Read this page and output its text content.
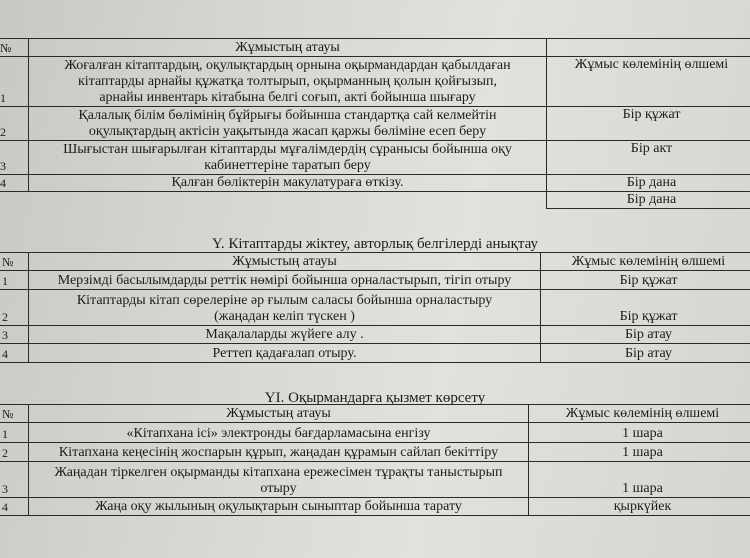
№	Жұмыстың атауы	
1	Жоғалған кітаптардың, оқулықтардың орнына оқырмандардан қабылдаған
кітаптарды арнайы құжатқа толтырып, оқырманның қолын қойғызып,
арнайы инвентарь кітабына белгі соғып, акті бойынша шығару	Жұмыс көлемінің өлшемі
2	Қалалық білім бөлімінің бұйрығы бойынша стандартқа сай келмейтін
оқулықтардың актісін уақытында жасап қаржы бөліміне есеп беру	Бір құжат
3	Шығыстан шығарылған кітаптарды мұғалімдердің сұранысы бойынша оқу
кабинеттеріне таратып беру	Бір акт
4	Қалған бөліктерін макулатураға өткізу.	Бір дана
		Бір дана
Y. Кітаптарды жіктеу, авторлық белгілерді анықтау
№	Жұмыстың атауы	Жұмыс көлемінің өлшемі
1	Мерзімді басылымдарды реттік нөмірі бойынша орналастырып, тігіп отыру	Бір құжат
2	Кітаптарды кітап сөрелеріне әр ғылым саласы бойынша орналастыру
(жаңадан келіп түскен )	Бір құжат
3	Мақалаларды жүйеге алу .	Бір атау
4	Реттеп қадағалап отыру.	Бір атау
YI. Оқырмандарға қызмет көрсету
№	Жұмыстың атауы	Жұмыс көлемінің өлшемі
1	«Кітапхана ісі» электронды бағдарламасына енгізу	1 шара
2	Кітапхана кеңесінің жоспарын құрып, жаңадан құрамын сайлап бекіттіру	1 шара
3	Жаңадан тіркелген оқырманды кітапхана ережесімен тұрақты таныстырып
отыру	1 шара
4	Жаңа оқу жылының оқулықтарын сыныптар бойынша тарату	қыркүйек
